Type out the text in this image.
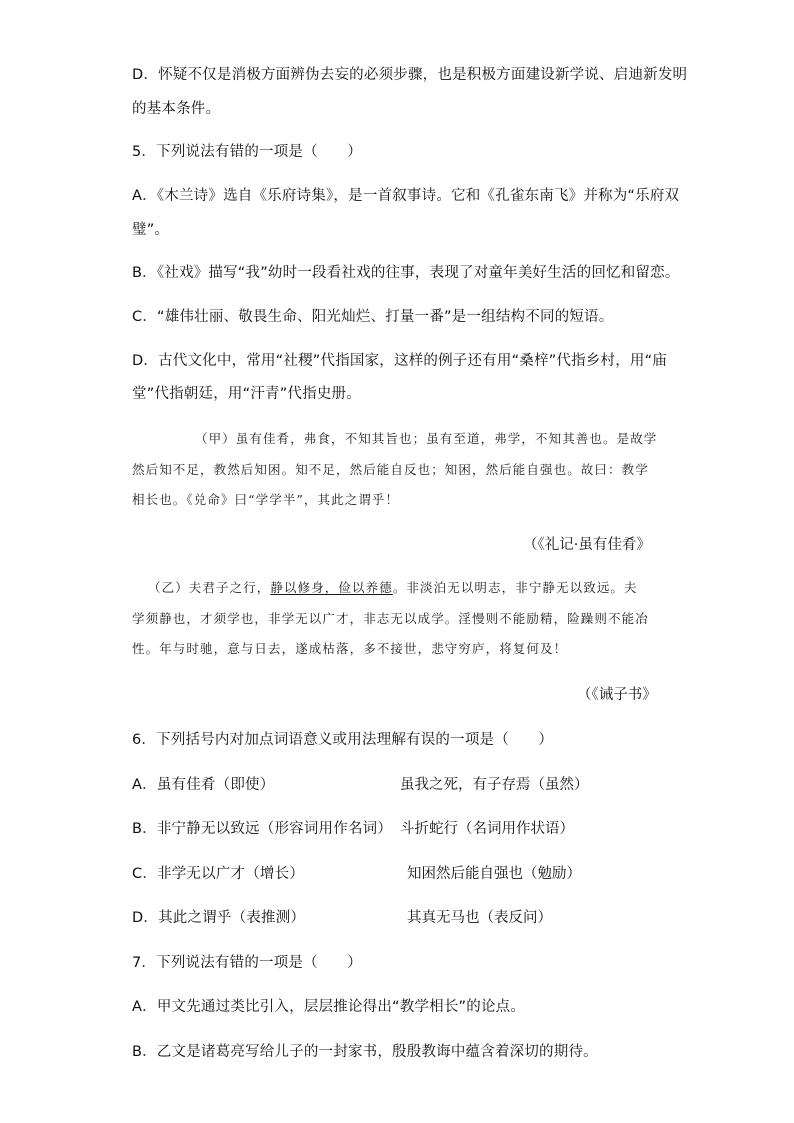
D．怀疑不仅是消极方面辨伪去妄的必须步骤，也是积极方面建设新学说、启迪新发明
的基本条件。
5．下列说法有错的一项是（　　）
A．《木兰诗》选自《乐府诗集》，是一首叙事诗。它和《孔雀东南飞》并称为“乐府双
璧”。
B．《社戏》描写“我”幼时一段看社戏的往事，表现了对童年美好生活的回忆和留恋。
C．“雄伟壮丽、敬畏生命、阳光灿烂、打量一番”是一组结构不同的短语。
D．古代文化中，常用“社稷”代指国家，这样的例子还有用“桑梓”代指乡村，用“庙
堂”代指朝廷，用“汗青”代指史册。
（甲）虽有佳肴，弗食，不知其旨也；虽有至道，弗学，不知其善也。是故学
然后知不足，教然后知困。知不足，然后能自反也；知困，然后能自强也。故曰：教学
相长也。《兑命》曰“学学半”，其此之谓乎！
（《礼记·虽有佳肴》
（乙）夫君子之行，静以修身，俭以养德。非淡泊无以明志，非宁静无以致远。夫
学须静也，才须学也，非学无以广才，非志无以成学。淫慢则不能励精，险躁则不能冶
性。年与时驰，意与日去，遂成枯落，多不接世，悲守穷庐，将复何及！
（《诫子书》
6．下列括号内对加点词语意义或用法理解有误的一项是（　　）
A．虽有佳肴（即使）	虽我之死，有子存焉（虽然）
B．非宁静无以致远（形容词用作名词） 斗折蛇行（名词用作状语）
C．非学无以广才（增长）	知困然后能自强也（勉励）
D．其此之谓乎（表推测）	其真无马也（表反问）
7．下列说法有错的一项是（　　）
A．甲文先通过类比引入，层层推论得出“教学相长”的论点。
B．乙文是诸葛亮写给儿子的一封家书，殷殷教诲中蕴含着深切的期待。
